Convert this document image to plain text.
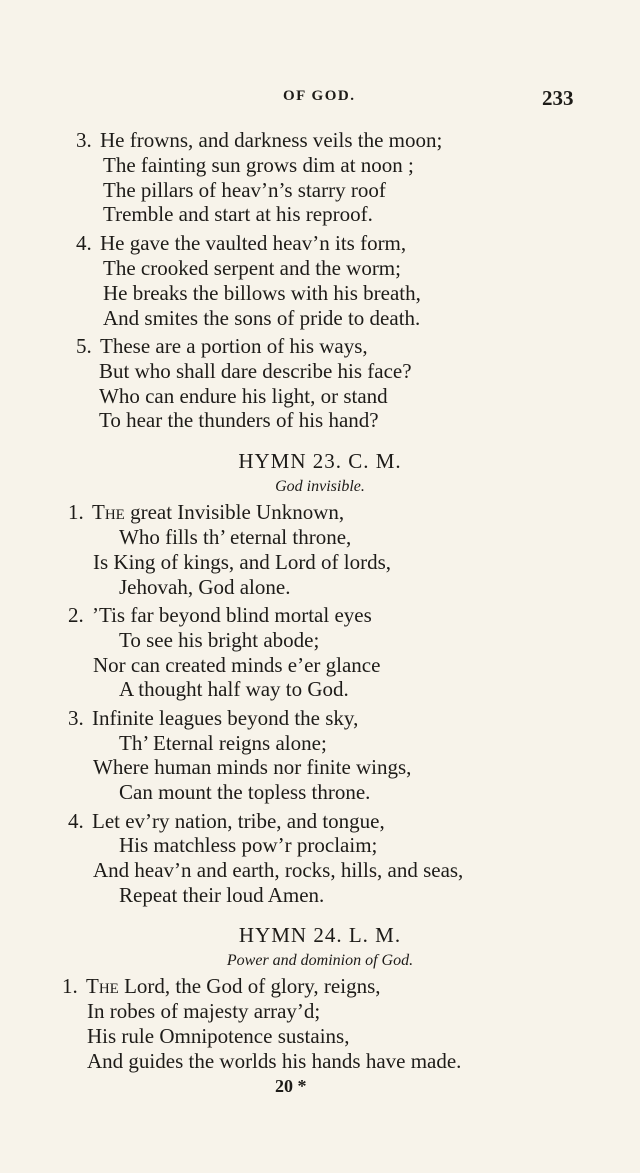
OF GOD.	233
3. He frowns, and darkness veils the moon;
The fainting sun grows dim at noon ;
The pillars of heav’n’s starry roof
Tremble and start at his reproof.
4. He gave the vaulted heav’n its form,
The crooked serpent and the worm;
He breaks the billows with his breath,
And smites the sons of pride to death.
5. These are a portion of his ways,
But who shall dare describe his face?
Who can endure his light, or stand
To hear the thunders of his hand?
HYMN 23. C. M.
God invisible.
1. The great Invisible Unknown,
Who fills th’ eternal throne,
Is King of kings, and Lord of lords,
Jehovah, God alone.
2. ’Tis far beyond blind mortal eyes
To see his bright abode;
Nor can created minds e’er glance
A thought half way to God.
3. Infinite leagues beyond the sky,
Th’ Eternal reigns alone;
Where human minds nor finite wings,
Can mount the topless throne.
4. Let ev’ry nation, tribe, and tongue,
His matchless pow’r proclaim;
And heav’n and earth, rocks, hills, and seas,
Repeat their loud Amen.
HYMN 24. L. M.
Power and dominion of God.
1. The Lord, the God of glory, reigns,
In robes of majesty array’d;
His rule Omnipotence sustains,
And guides the worlds his hands have made.
20 *
